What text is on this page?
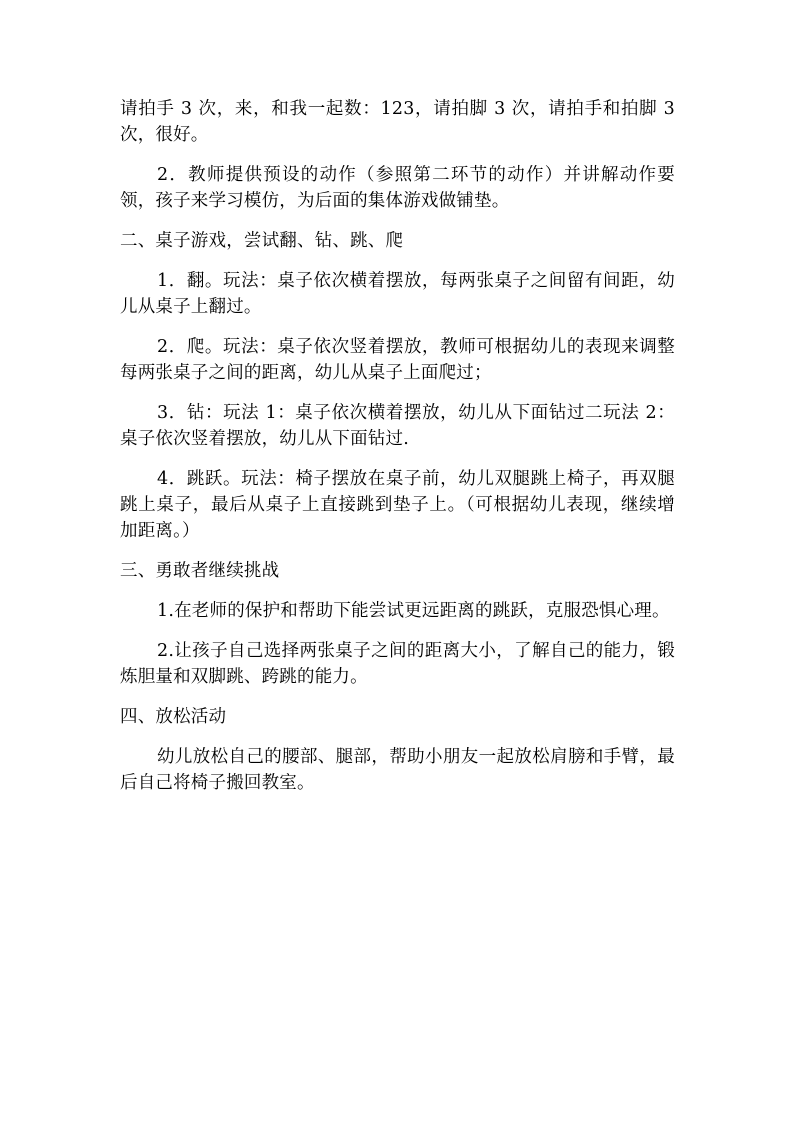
请拍手 3 次，来，和我一起数：123，请拍脚 3 次，请拍手和拍脚 3 次，很好。

2．教师提供预设的动作（参照第二环节的动作）并讲解动作要领，孩子来学习模仿，为后面的集体游戏做铺垫。

二、桌子游戏，尝试翻、钻、跳、爬

1．翻。玩法：桌子依次横着摆放，每两张桌子之间留有间距，幼儿从桌子上翻过。

2．爬。玩法：桌子依次竖着摆放，教师可根据幼儿的表现来调整每两张桌子之间的距离，幼儿从桌子上面爬过；

3．钻：玩法 1：桌子依次横着摆放，幼儿从下面钻过二玩法 2：桌子依次竖着摆放，幼儿从下面钻过.

4．跳跃。玩法：椅子摆放在桌子前，幼儿双腿跳上椅子，再双腿跳上桌子，最后从桌子上直接跳到垫子上。（可根据幼儿表现，继续增加距离。）

三、勇敢者继续挑战

1.在老师的保护和帮助下能尝试更远距离的跳跃，克服恐惧心理。

2.让孩子自己选择两张桌子之间的距离大小，了解自己的能力，锻炼胆量和双脚跳、跨跳的能力。

四、放松活动

幼儿放松自己的腰部、腿部，帮助小朋友一起放松肩膀和手臂，最后自己将椅子搬回教室。
